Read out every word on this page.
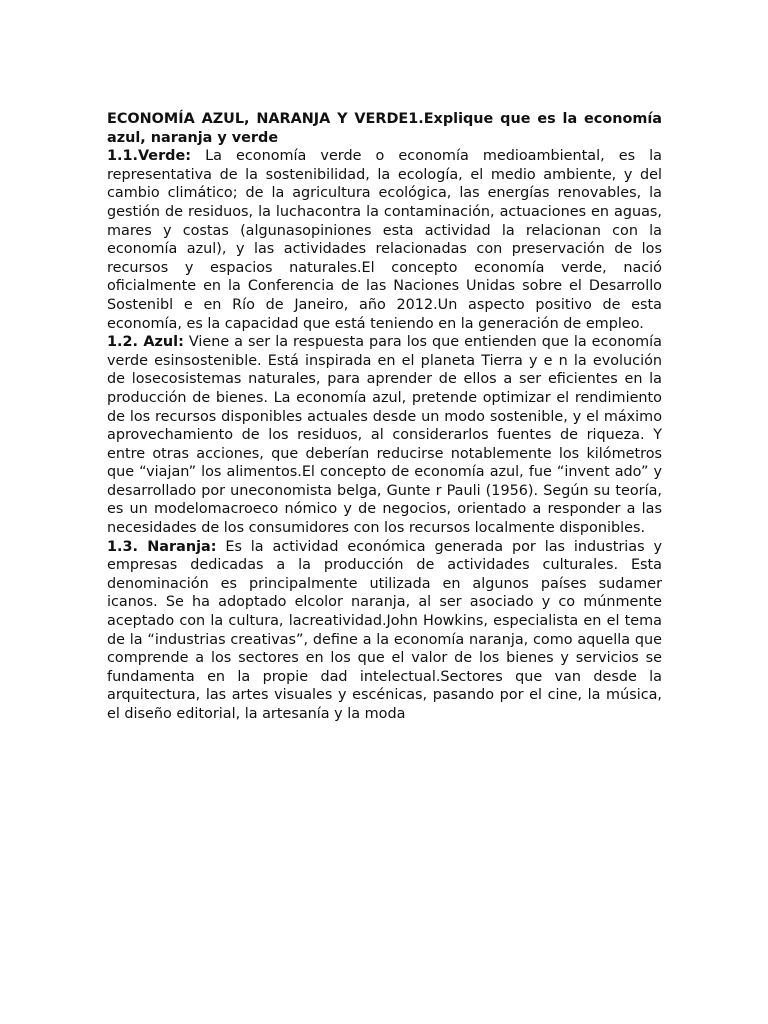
ECONOMÍA AZUL, NARANJA Y VERDE1.Explique que es la economía azul, naranja y verde

1.1.Verde: La economía verde o economía medioambiental, es la representativa de la sostenibilidad, la ecología, el medio ambiente, y del cambio climático; de la agricultura ecológica, las energías renovables, la gestión de residuos, la luchacontra la contaminación, actuaciones en aguas, mares y costas (algunasopiniones esta actividad la relacionan con la economía azul), y las actividades relacionadas con preservación de los recursos y espacios naturales.El concepto economía verde, nació oficialmente en la Conferencia de las Naciones Unidas sobre el Desarrollo Sostenibl e en Río de Janeiro, año 2012.Un aspecto positivo de esta economía, es la capacidad que está teniendo en la generación de empleo.

1.2. Azul: Viene a ser la respuesta para los que entienden que la economía verde esinsostenible. Está inspirada en el planeta Tierra y e n la evolución de losecosistemas naturales, para aprender de ellos a ser eficientes en la producción de bienes. La economía azul, pretende optimizar el rendimiento de los recursos disponibles actuales desde un modo sostenible, y el máximo aprovechamiento de los residuos, al considerarlos fuentes de riqueza. Y entre otras acciones, que deberían reducirse notablemente los kilómetros que “viajan” los alimentos.El concepto de economía azul, fue “invent ado” y desarrollado por uneconomista belga, Gunte r Pauli (1956). Según su teoría, es un modelomacroeco nómico y de negocios, orientado a responder a las necesidades de los consumidores con los recursos localmente disponibles.

1.3. Naranja: Es la actividad económica generada por las industrias y empresas dedicadas a la producción de actividades culturales. Esta denominación es principalmente utilizada en algunos países sudamer icanos. Se ha adoptado elcolor naranja, al ser asociado y co múnmente aceptado con la cultura, lacreatividad.John Howkins, especialista en el tema de la “industrias creativas”, define a la economía naranja, como aquella que comprende a los sectores en los que el valor de los bienes y servicios se fundamenta en la propie dad intelectual.Sectores que van desde la arquitectura, las artes visuales y escénicas, pasando por el cine, la música, el diseño editorial, la artesanía y la moda
